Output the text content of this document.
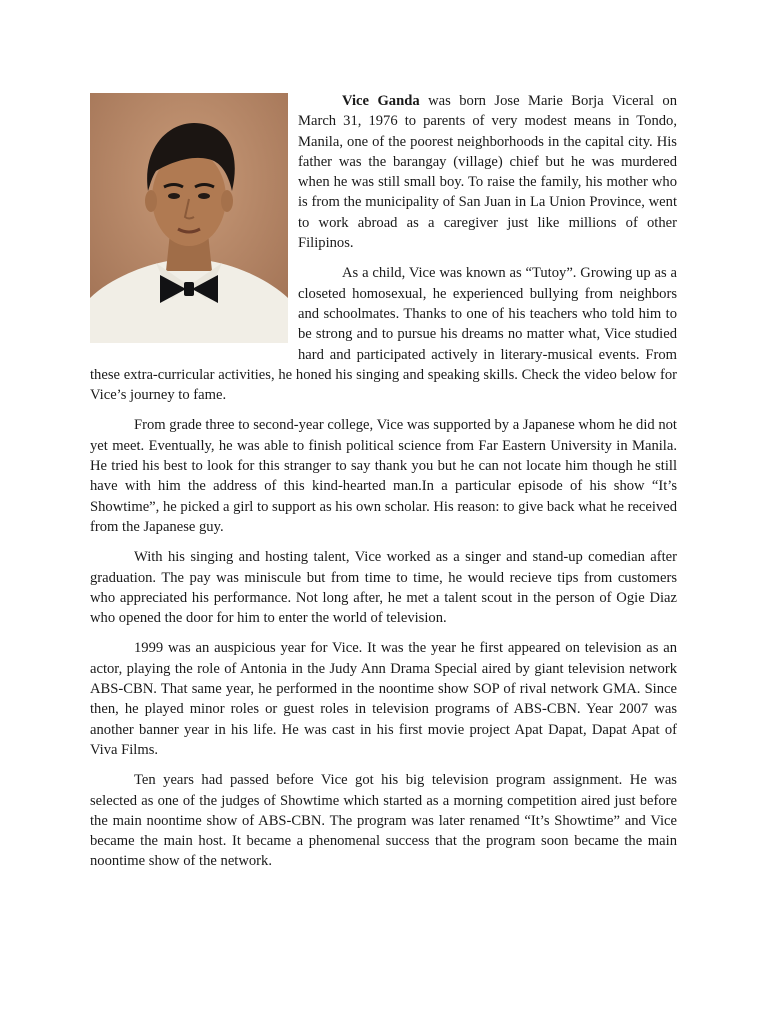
Vice Ganda was born Jose Marie Borja Viceral on March 31, 1976 to parents of very modest means in Tondo, Manila, one of the poorest neighborhoods in the capital city. His father was the barangay (village) chief but he was murdered when he was still small boy. To raise the family, his mother who is from the municipality of San Juan in La Union Province, went to work abroad as a caregiver just like millions of other Filipinos.

As a child, Vice was known as “Tutoy”. Growing up as a closeted homosexual, he experienced bullying from neighbors and schoolmates. Thanks to one of his teachers who told him to be strong and to pursue his dreams no matter what, Vice studied hard and participated actively in literary-musical events. From these extra-curricular activities, he honed his singing and speaking skills. Check the video below for Vice’s journey to fame.

From grade three to second-year college, Vice was supported by a Japanese whom he did not yet meet. Eventually, he was able to finish political science from Far Eastern University in Manila. He tried his best to look for this stranger to say thank you but he can not locate him though he still have with him the address of this kind-hearted man.In a particular episode of his show “It’s Showtime”, he picked a girl to support as his own scholar. His reason: to give back what he received from the Japanese guy.

With his singing and hosting talent, Vice worked as a singer and stand-up comedian after graduation. The pay was miniscule but from time to time, he would recieve tips from customers who appreciated his performance. Not long after, he met a talent scout in the person of Ogie Diaz who opened the door for him to enter the world of television.

1999 was an auspicious year for Vice. It was the year he first appeared on television as an actor, playing the role of Antonia in the Judy Ann Drama Special aired by giant television network ABS-CBN. That same year, he performed in the noontime show SOP of rival network GMA. Since then, he played minor roles or guest roles in television programs of ABS-CBN. Year 2007 was another banner year in his life. He was cast in his first movie project Apat Dapat, Dapat Apat of Viva Films.

Ten years had passed before Vice got his big television program assignment. He was selected as one of the judges of Showtime which started as a morning competition aired just before the main noontime show of ABS-CBN. The program was later renamed “It’s Showtime” and Vice became the main host. It became a phenomenal success that the program soon became the main noontime show of the network.
